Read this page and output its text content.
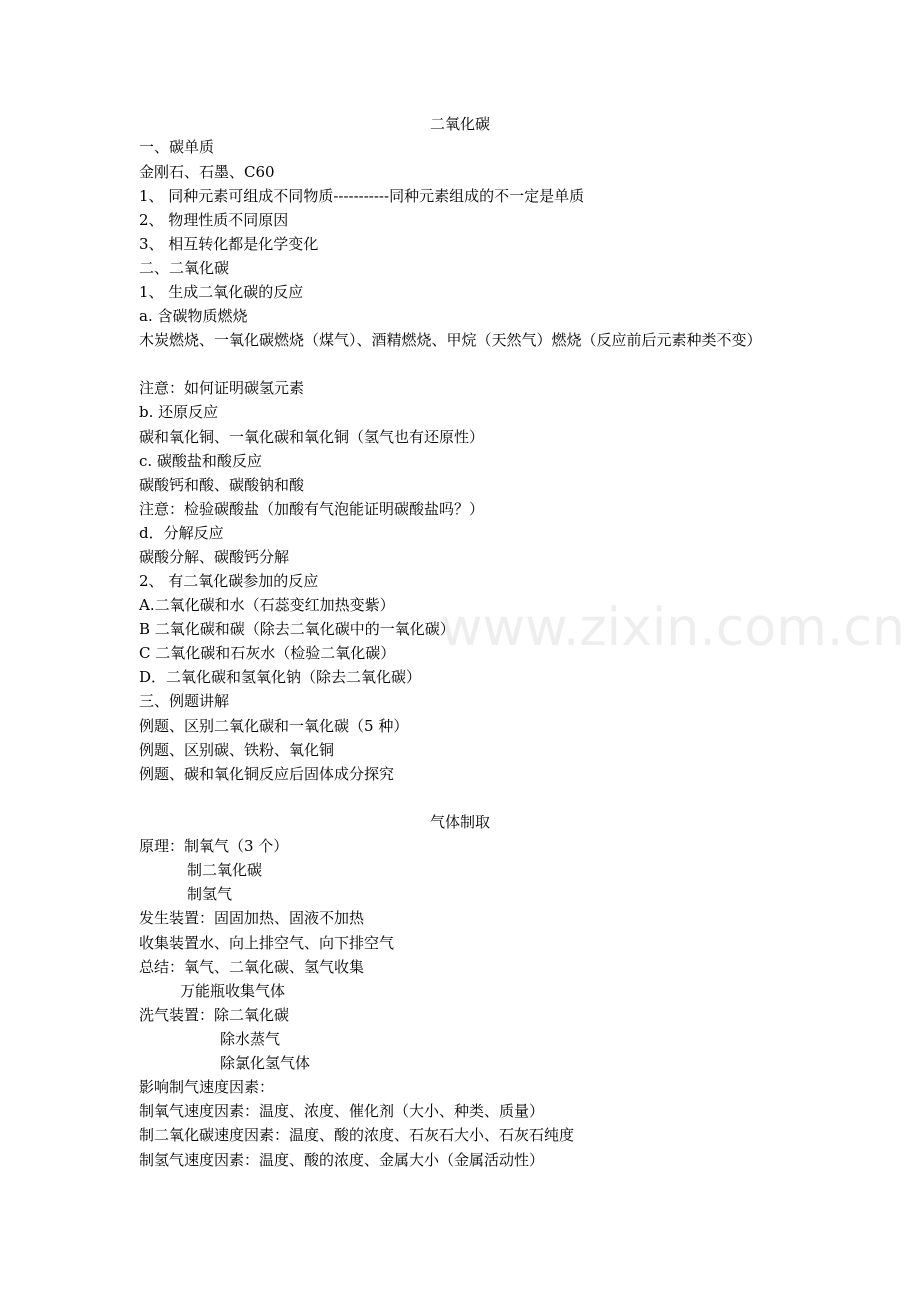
www.zixin.com.cn
二氧化碳
一、碳单质
金刚石、石墨、C60
1、 同种元素可组成不同物质-----------同种元素组成的不一定是单质
2、 物理性质不同原因
3、 相互转化都是化学变化
二、二氧化碳
1、 生成二氧化碳的反应
a. 含碳物质燃烧
木炭燃烧、一氧化碳燃烧（煤气）、酒精燃烧、甲烷（天然气）燃烧（反应前后元素种类不变）
注意：如何证明碳氢元素
b. 还原反应
碳和氧化铜、一氧化碳和氧化铜（氢气也有还原性）
c. 碳酸盐和酸反应
碳酸钙和酸、碳酸钠和酸
注意：检验碳酸盐（加酸有气泡能证明碳酸盐吗？）
d．分解反应
碳酸分解、碳酸钙分解
2、 有二氧化碳参加的反应
A.二氧化碳和水（石蕊变红加热变紫）
B 二氧化碳和碳（除去二氧化碳中的一氧化碳）
C 二氧化碳和石灰水（检验二氧化碳）
D．二氧化碳和氢氧化钠（除去二氧化碳）
三、例题讲解
例题、区别二氧化碳和一氧化碳（5 种）
例题、区别碳、铁粉、氧化铜
例题、碳和氧化铜反应后固体成分探究
气体制取
原理：制氧气（3 个）
制二氧化碳
制氢气
发生装置：固固加热、固液不加热
收集装置水、向上排空气、向下排空气
总结：氧气、二氧化碳、氢气收集
万能瓶收集气体
洗气装置：除二氧化碳
除水蒸气
除氯化氢气体
影响制气速度因素：
制氧气速度因素：温度、浓度、催化剂（大小、种类、质量）
制二氧化碳速度因素：温度、酸的浓度、石灰石大小、石灰石纯度
制氢气速度因素：温度、酸的浓度、金属大小（金属活动性）
